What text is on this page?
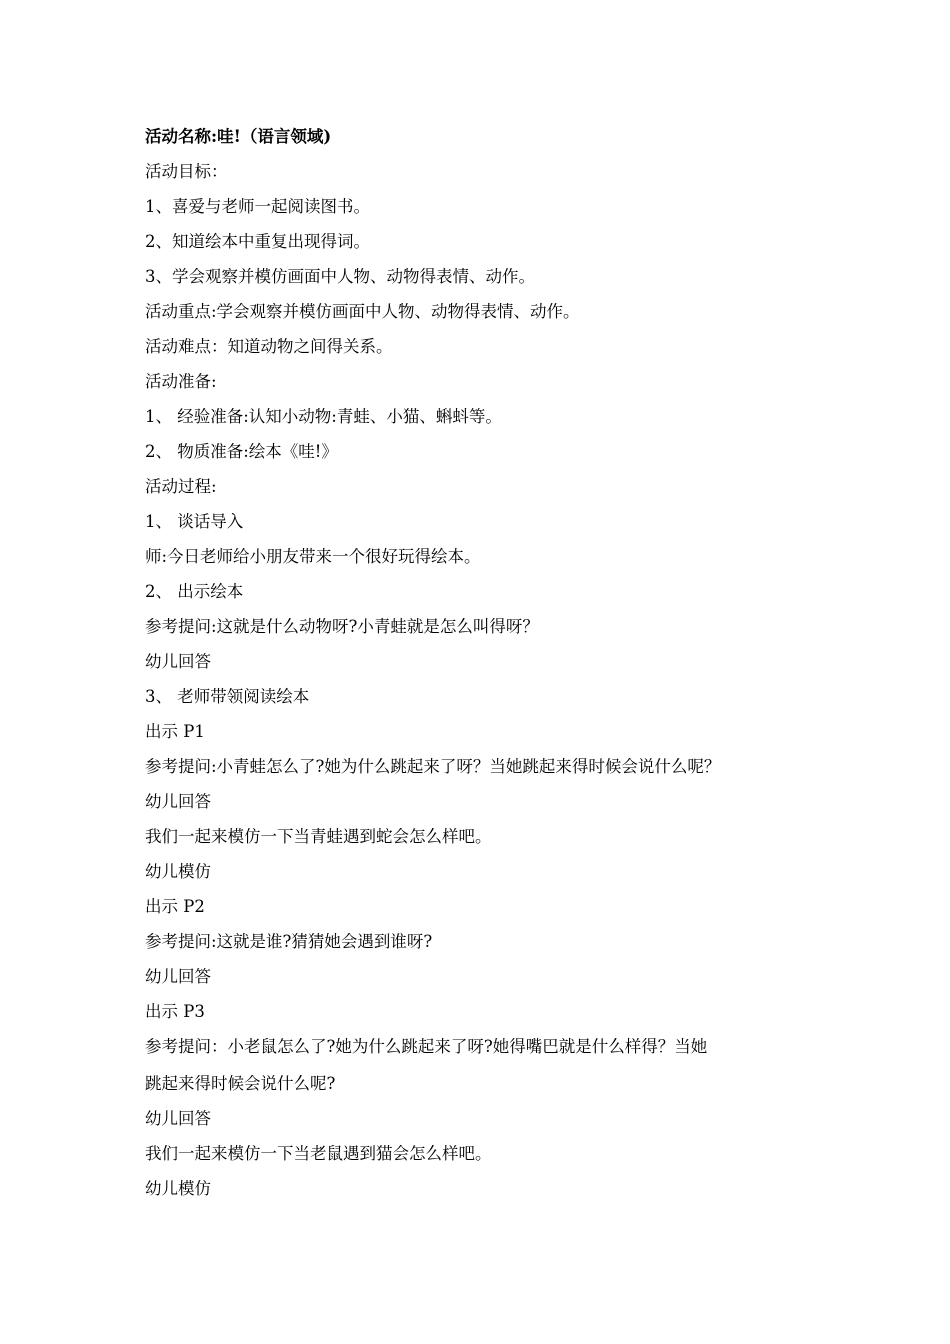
活动名称:哇!（语言领域)
活动目标：
1、喜爱与老师一起阅读图书。
2、知道绘本中重复出现得词。
3、学会观察并模仿画面中人物、动物得表情、动作。
活动重点:学会观察并模仿画面中人物、动物得表情、动作。
活动难点：知道动物之间得关系。
活动准备:
1、 经验准备:认知小动物:青蛙、小猫、蝌蚪等。
2、 物质准备:绘本《哇!》
活动过程:
1、 谈话导入
师:今日老师给小朋友带来一个很好玩得绘本。
2、 出示绘本
参考提问:这就是什么动物呀?小青蛙就是怎么叫得呀？
幼儿回答
3、 老师带领阅读绘本
出示 P1
参考提问:小青蛙怎么了?她为什么跳起来了呀？当她跳起来得时候会说什么呢？
幼儿回答
我们一起来模仿一下当青蛙遇到蛇会怎么样吧。
幼儿模仿
出示 P2
参考提问:这就是谁?猜猜她会遇到谁呀?
幼儿回答
出示 P3
参考提问：小老鼠怎么了?她为什么跳起来了呀?她得嘴巴就是什么样得？当她
跳起来得时候会说什么呢?
幼儿回答
我们一起来模仿一下当老鼠遇到猫会怎么样吧。
幼儿模仿
